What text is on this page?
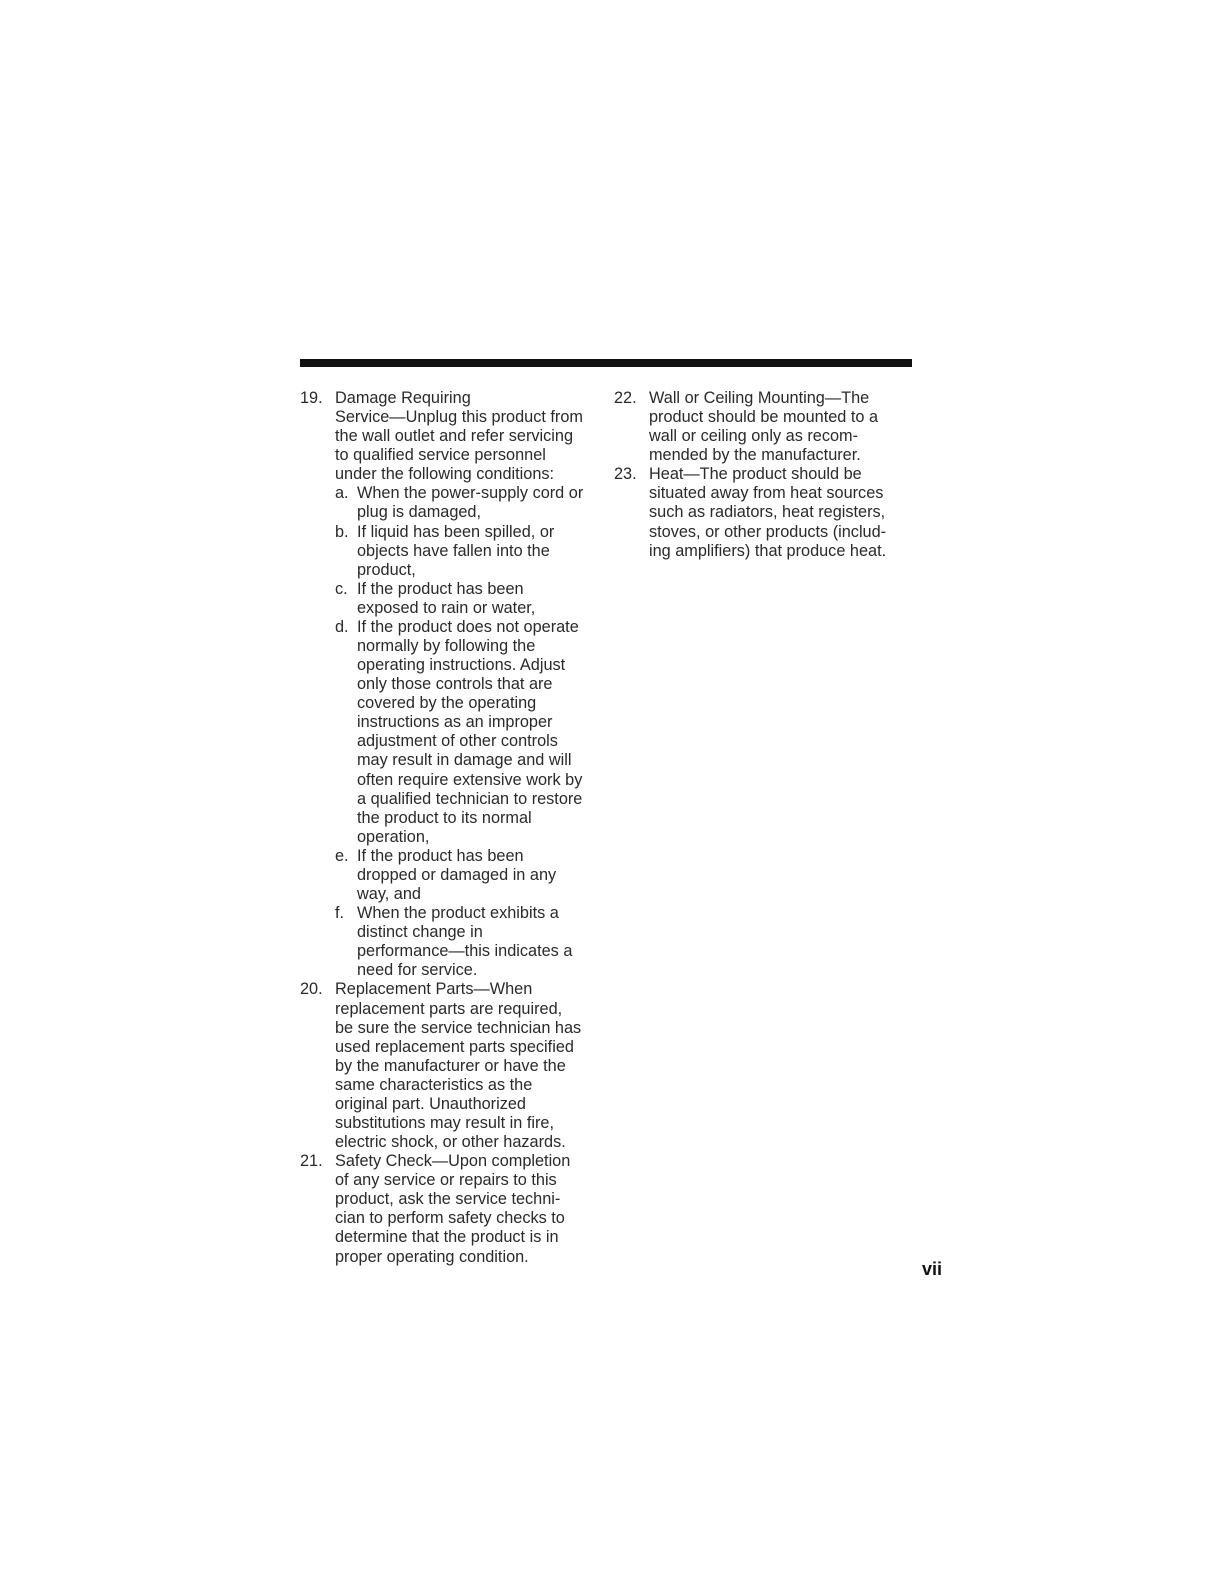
19. Damage Requiring
Service—Unplug this product from
the wall outlet and refer servicing
to qualified service personnel
under the following conditions:
a. When the power-supply cord or
plug is damaged,
b. If liquid has been spilled, or
objects have fallen into the
product,
c. If the product has been
exposed to rain or water,
d. If the product does not operate
normally by following the
operating instructions. Adjust
only those controls that are
covered by the operating
instructions as an improper
adjustment of other controls
may result in damage and will
often require extensive work by
a qualified technician to restore
the product to its normal
operation,
e. If the product has been
dropped or damaged in any
way, and
f. When the product exhibits a
distinct change in
performance—this indicates a
need for service.
20. Replacement Parts—When
replacement parts are required,
be sure the service technician has
used replacement parts specified
by the manufacturer or have the
same characteristics as the
original part. Unauthorized
substitutions may result in fire,
electric shock, or other hazards.
21. Safety Check—Upon completion
of any service or repairs to this
product, ask the service techni-
cian to perform safety checks to
determine that the product is in
proper operating condition.
22. Wall or Ceiling Mounting—The
product should be mounted to a
wall or ceiling only as recom-
mended by the manufacturer.
23. Heat—The product should be
situated away from heat sources
such as radiators, heat registers,
stoves, or other products (includ-
ing amplifiers) that produce heat.
vii
